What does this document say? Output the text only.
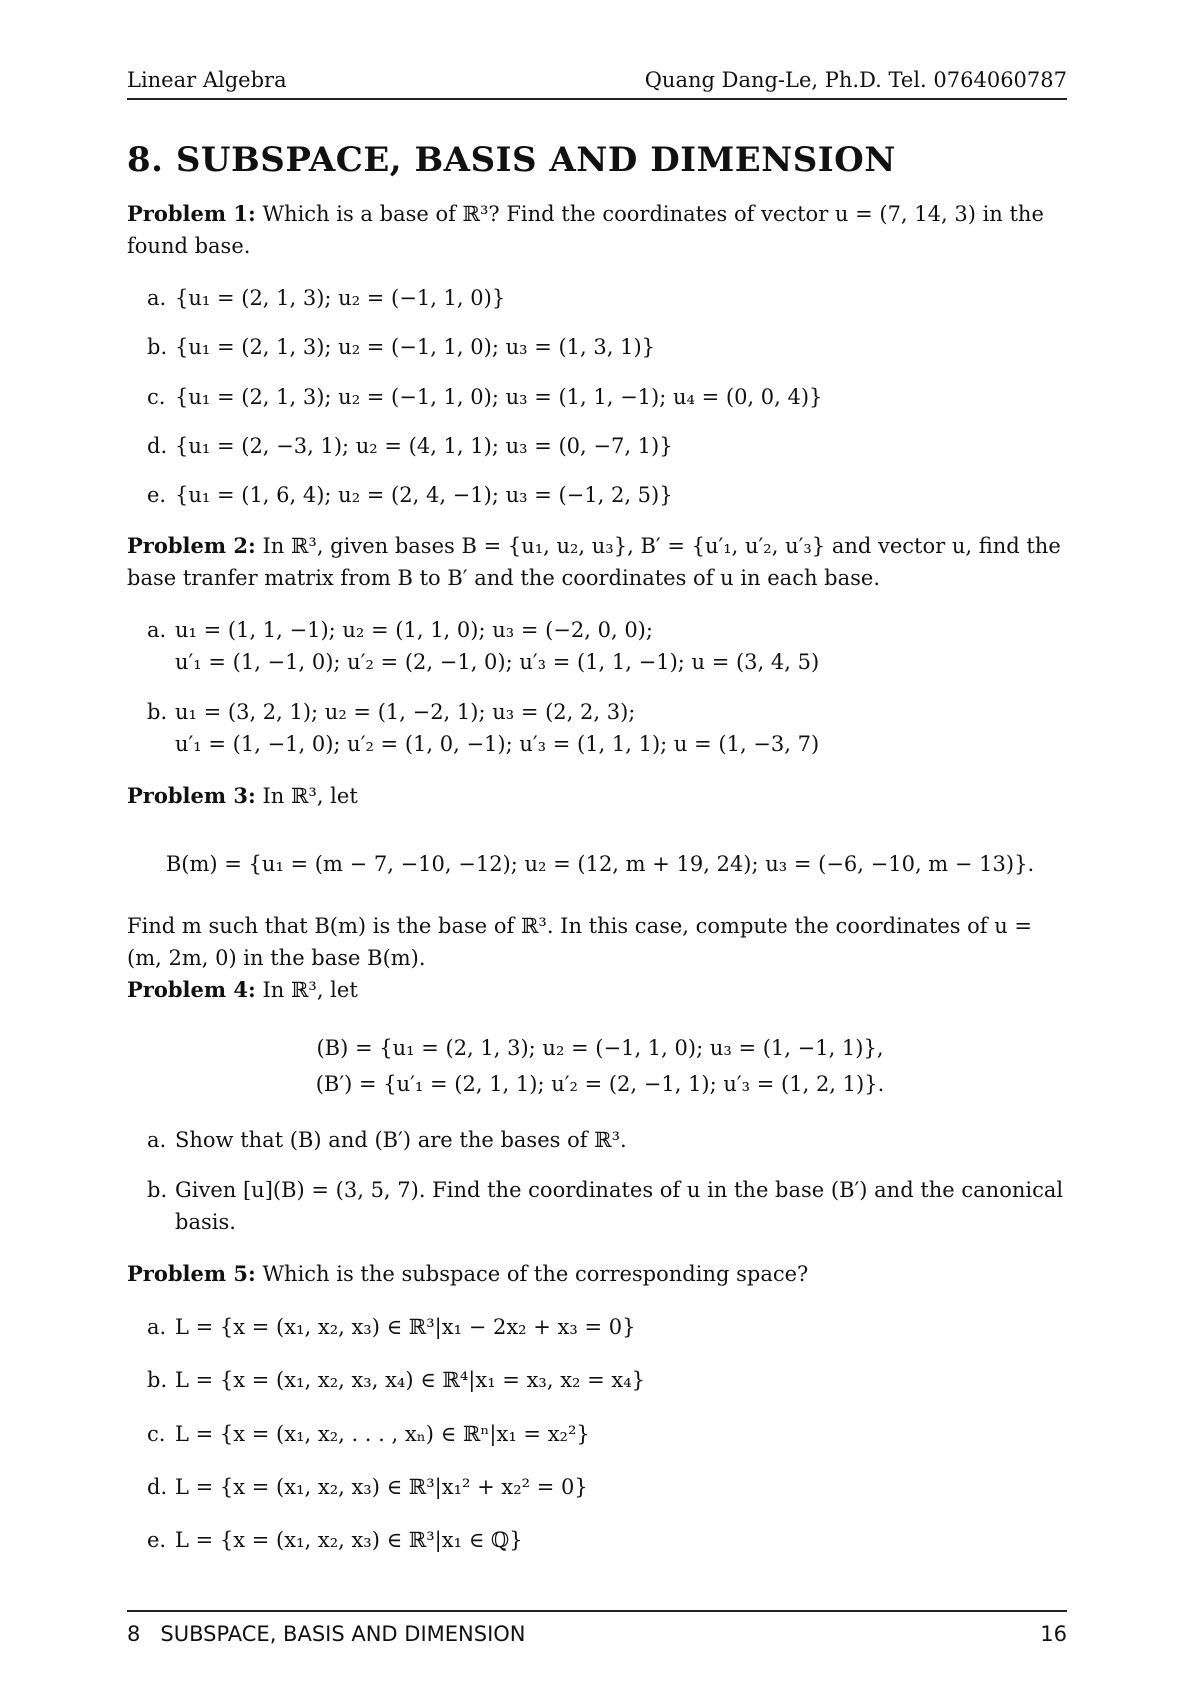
Linear Algebra	Quang Dang-Le, Ph.D. Tel. 0764060787
8. SUBSPACE, BASIS AND DIMENSION
Problem 1: Which is a base of ℝ³? Find the coordinates of vector u = (7, 14, 3) in the
found base.
a. {u₁ = (2, 1, 3); u₂ = (−1, 1, 0)}
b. {u₁ = (2, 1, 3); u₂ = (−1, 1, 0); u₃ = (1, 3, 1)}
c. {u₁ = (2, 1, 3); u₂ = (−1, 1, 0); u₃ = (1, 1, −1); u₄ = (0, 0, 4)}
d. {u₁ = (2, −3, 1); u₂ = (4, 1, 1); u₃ = (0, −7, 1)}
e. {u₁ = (1, 6, 4); u₂ = (2, 4, −1); u₃ = (−1, 2, 5)}
Problem 2: In ℝ³, given bases B = {u₁, u₂, u₃}, B′ = {u′₁, u′₂, u′₃} and vector u, find the
base tranfer matrix from B to B′ and the coordinates of u in each base.
a. u₁ = (1, 1, −1); u₂ = (1, 1, 0); u₃ = (−2, 0, 0);
u′₁ = (1, −1, 0); u′₂ = (2, −1, 0); u′₃ = (1, 1, −1); u = (3, 4, 5)
b. u₁ = (3, 2, 1); u₂ = (1, −2, 1); u₃ = (2, 2, 3);
u′₁ = (1, −1, 0); u′₂ = (1, 0, −1); u′₃ = (1, 1, 1); u = (1, −3, 7)
Problem 3: In ℝ³, let
B(m) = {u₁ = (m − 7, −10, −12); u₂ = (12, m + 19, 24); u₃ = (−6, −10, m − 13)}.
Find m such that B(m) is the base of ℝ³. In this case, compute the coordinates of u =
(m, 2m, 0) in the base B(m).
Problem 4: In ℝ³, let
(B) = {u₁ = (2, 1, 3); u₂ = (−1, 1, 0); u₃ = (1, −1, 1)},
(B′) = {u′₁ = (2, 1, 1); u′₂ = (2, −1, 1); u′₃ = (1, 2, 1)}.
a. Show that (B) and (B′) are the bases of ℝ³.
b. Given [u](B) = (3, 5, 7). Find the coordinates of u in the base (B′) and the canonical
basis.
Problem 5: Which is the subspace of the corresponding space?
a. L = {x = (x₁, x₂, x₃) ∈ ℝ³|x₁ − 2x₂ + x₃ = 0}
b. L = {x = (x₁, x₂, x₃, x₄) ∈ ℝ⁴|x₁ = x₃, x₂ = x₄}
c. L = {x = (x₁, x₂, . . . , xₙ) ∈ ℝⁿ|x₁ = x₂²}
d. L = {x = (x₁, x₂, x₃) ∈ ℝ³|x₁² + x₂² = 0}
e. L = {x = (x₁, x₂, x₃) ∈ ℝ³|x₁ ∈ ℚ}
8   SUBSPACE, BASIS AND DIMENSION	16
